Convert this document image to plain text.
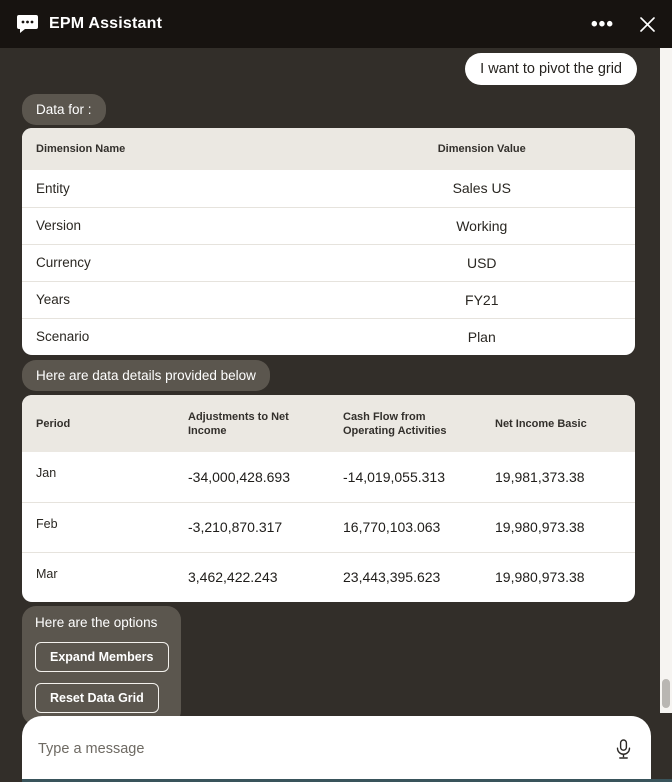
EPM Assistant	•••
I want to pivot the grid
Data for :
Dimension Name	Dimension Value
Entity	Sales US
Version	Working
Currency	USD
Years	FY21
Scenario	Plan
Here are data details provided below
Period	Adjustments to Net Income	Cash Flow from Operating Activities	Net Income Basic
Jan	-34,000,428.693	-14,019,055.313	19,981,373.38
Feb	-3,210,870.317	16,770,103.063	19,980,973.38
Mar	3,462,422.243	23,443,395.623	19,980,973.38
Here are the options
Expand Members
Reset Data Grid
Type a message
